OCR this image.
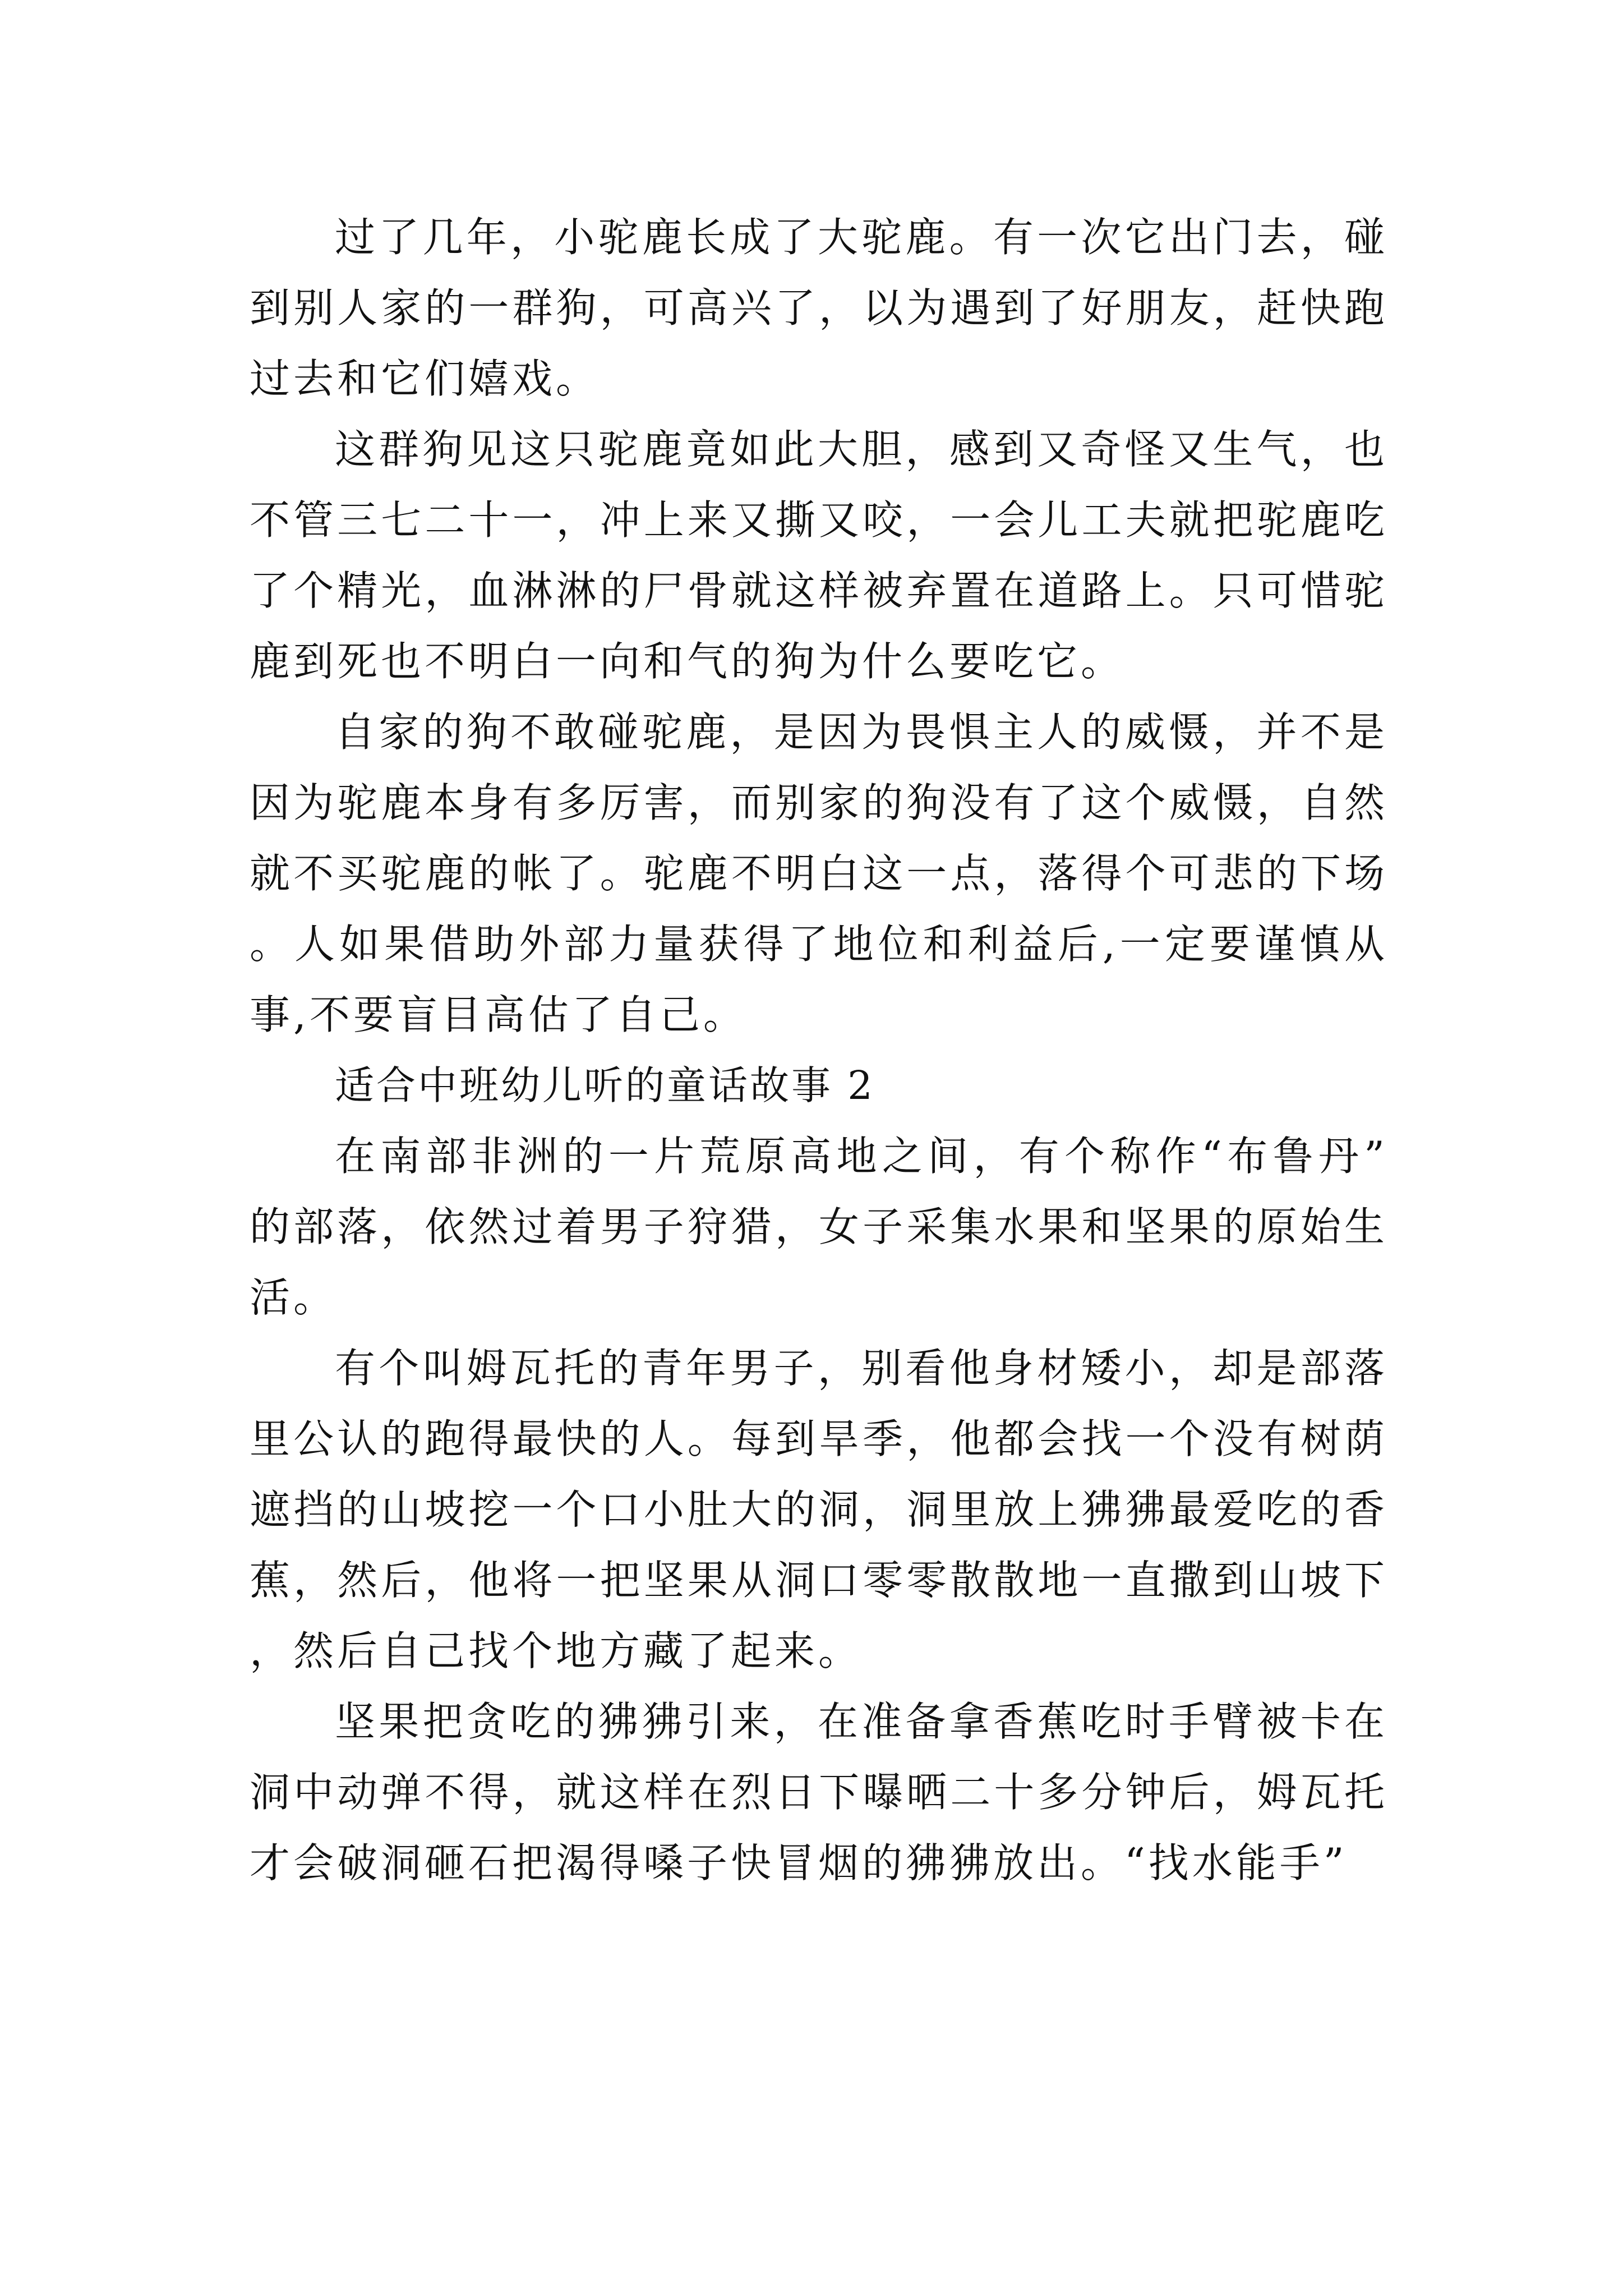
过了几年，小驼鹿长成了大驼鹿。有一次它出门去，碰到别人家的一群狗，可高兴了，以为遇到了好朋友，赶快跑过去和它们嬉戏。

这群狗见这只驼鹿竟如此大胆，感到又奇怪又生气，也不管三七二十一，冲上来又撕又咬，一会儿工夫就把驼鹿吃了个精光，血淋淋的尸骨就这样被弃置在道路上。只可惜驼鹿到死也不明白一向和气的狗为什么要吃它。

自家的狗不敢碰驼鹿，是因为畏惧主人的威慑，并不是因为驼鹿本身有多厉害，而别家的狗没有了这个威慑，自然就不买驼鹿的帐了。驼鹿不明白这一点，落得个可悲的下场。人如果借助外部力量获得了地位和利益后,一定要谨慎从事,不要盲目高估了自己。

适合中班幼儿听的童话故事 2

在南部非洲的一片荒原高地之间，有个称作“布鲁丹”的部落，依然过着男子狩猎，女子采集水果和坚果的原始生活。

有个叫姆瓦托的青年男子，别看他身材矮小，却是部落里公认的跑得最快的人。每到旱季，他都会找一个没有树荫遮挡的山坡挖一个口小肚大的洞，洞里放上狒狒最爱吃的香蕉，然后，他将一把坚果从洞口零零散散地一直撒到山坡下，然后自己找个地方藏了起来。

坚果把贪吃的狒狒引来，在准备拿香蕉吃时手臂被卡在洞中动弹不得，就这样在烈日下曝晒二十多分钟后，姆瓦托才会破洞砸石把渴得嗓子快冒烟的狒狒放出。“找水能手”
